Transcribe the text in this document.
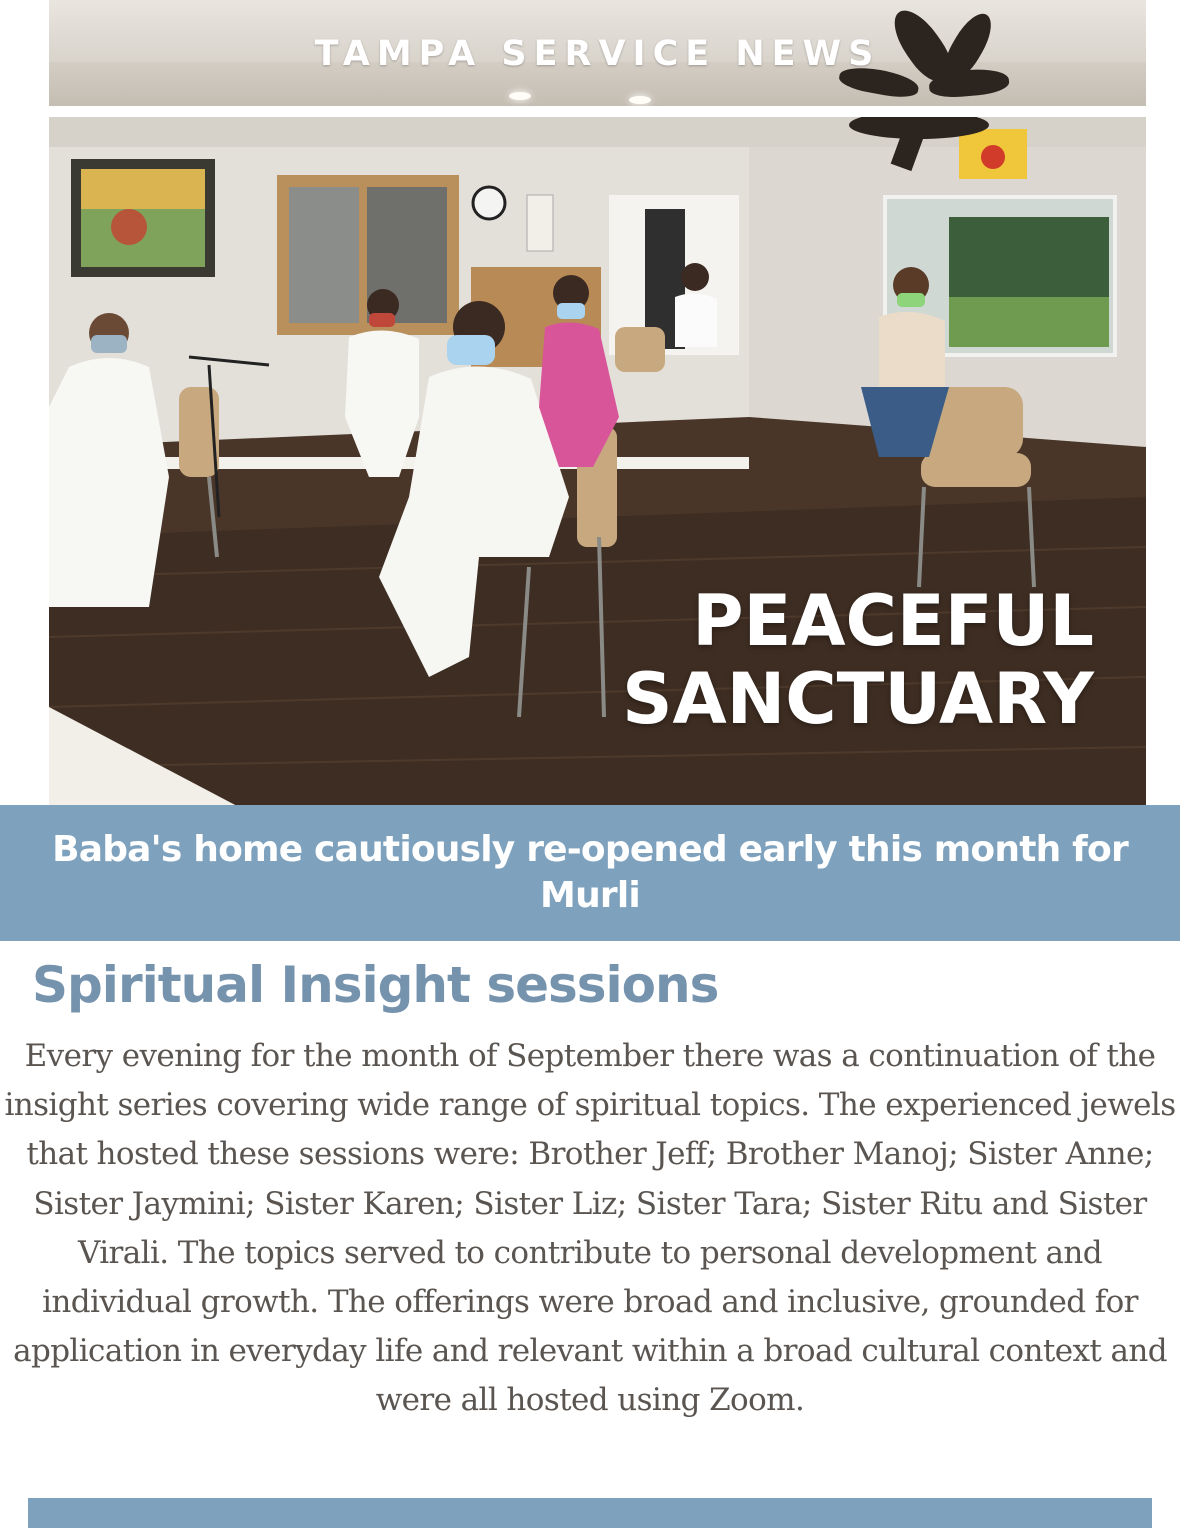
TAMPA SERVICE NEWS
PEACEFUL
SANCTUARY
Baba's home cautiously re-opened early this month for Murli
Spiritual Insight sessions

Every evening for the month of September there was a continuation of the insight series covering wide range of spiritual topics. The experienced jewels that hosted these sessions were: Brother Jeff; Brother Manoj; Sister Anne; Sister Jaymini; Sister Karen; Sister Liz; Sister Tara; Sister Ritu and Sister Virali. The topics served to contribute to personal development and individual growth. The offerings were broad and inclusive, grounded for application in everyday life and relevant within a broad cultural context and were all hosted using Zoom.
